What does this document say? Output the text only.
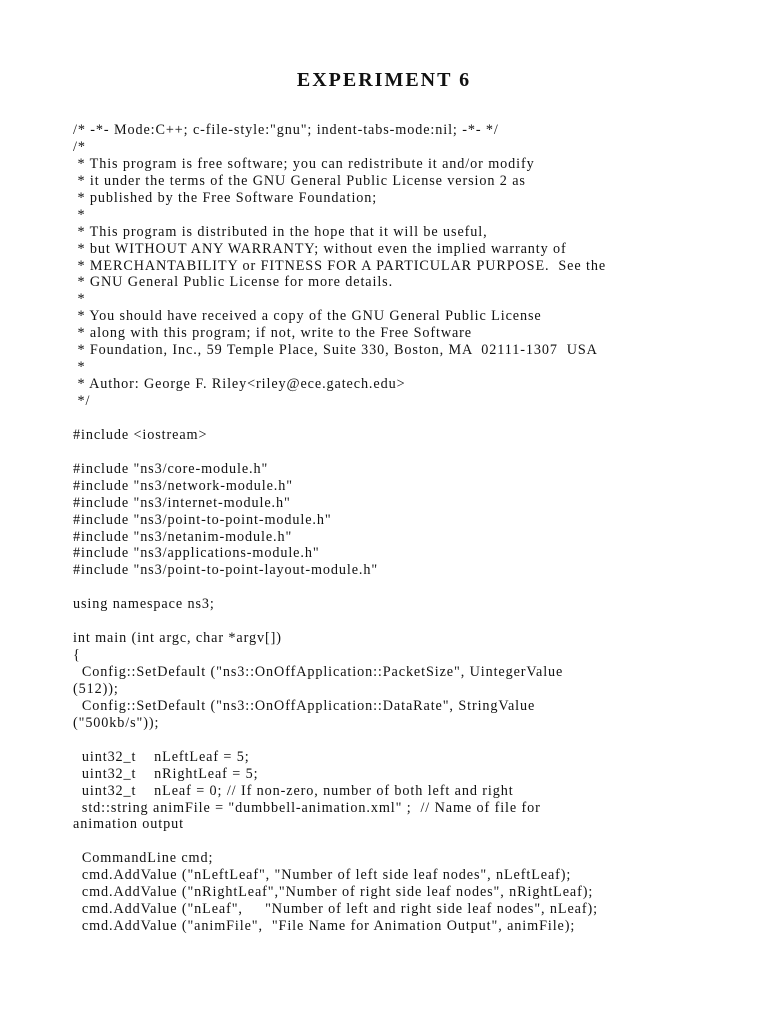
EXPERIMENT 6
/* -*- Mode:C++; c-file-style:"gnu"; indent-tabs-mode:nil; -*- */
/*
* This program is free software; you can redistribute it and/or modify
* it under the terms of the GNU General Public License version 2 as
* published by the Free Software Foundation;
*
* This program is distributed in the hope that it will be useful,
* but WITHOUT ANY WARRANTY; without even the implied warranty of
* MERCHANTABILITY or FITNESS FOR A PARTICULAR PURPOSE.  See the
* GNU General Public License for more details.
*
* You should have received a copy of the GNU General Public License
* along with this program; if not, write to the Free Software
* Foundation, Inc., 59 Temple Place, Suite 330, Boston, MA  02111-1307  USA
*
* Author: George F. Riley<riley@ece.gatech.edu>
*/
#include <iostream>
#include "ns3/core-module.h"
#include "ns3/network-module.h"
#include "ns3/internet-module.h"
#include "ns3/point-to-point-module.h"
#include "ns3/netanim-module.h"
#include "ns3/applications-module.h"
#include "ns3/point-to-point-layout-module.h"
using namespace ns3;
int main (int argc, char *argv[])
{
Config::SetDefault ("ns3::OnOffApplication::PacketSize", UintegerValue
(512));
Config::SetDefault ("ns3::OnOffApplication::DataRate", StringValue
("500kb/s"));
uint32_t    nLeftLeaf = 5;
uint32_t    nRightLeaf = 5;
uint32_t    nLeaf = 0; // If non-zero, number of both left and right
std::string animFile = "dumbbell-animation.xml" ;  // Name of file for
animation output
CommandLine cmd;
cmd.AddValue ("nLeftLeaf", "Number of left side leaf nodes", nLeftLeaf);
cmd.AddValue ("nRightLeaf","Number of right side leaf nodes", nRightLeaf);
cmd.AddValue ("nLeaf",     "Number of left and right side leaf nodes", nLeaf);
cmd.AddValue ("animFile",  "File Name for Animation Output", animFile);
